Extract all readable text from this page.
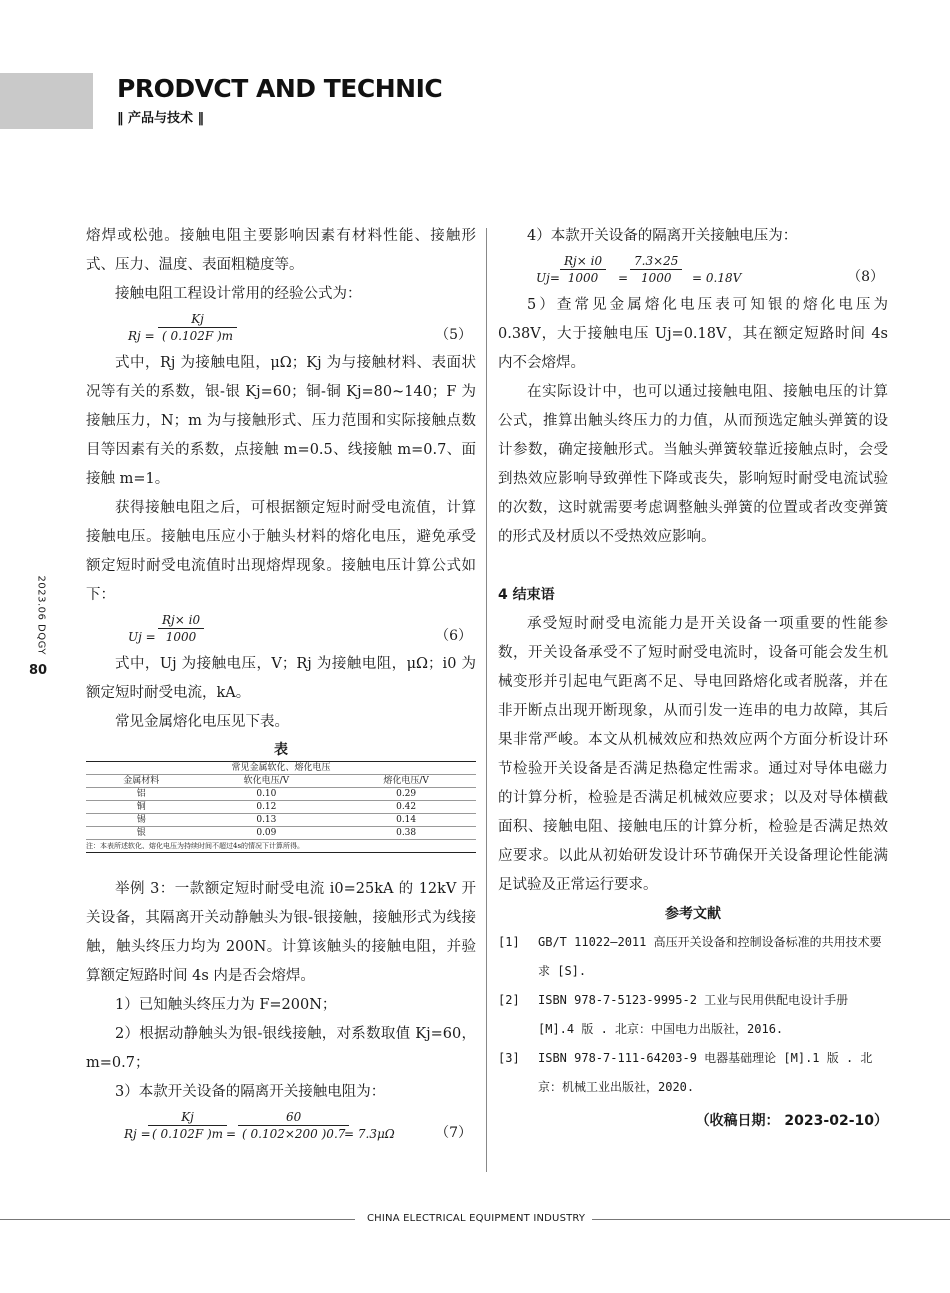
PRODVCT AND TECHNIC
‖ 产品与技术 ‖
2023.06 DQGY
80

熔焊或松弛。接触电阻主要影响因素有材料性能、接触形式、压力、温度、表面粗糙度等。

接触电阻工程设计常用的经验公式为：

$Rj = \frac{Kj}{( 0.102F )m}$	（5）

式中，Rj 为接触电阻，μΩ；Kj 为与接触材料、表面状况等有关的系数，银-银 Kj=60；铜-铜 Kj=80~140；F 为接触压力，N；m 为与接触形式、压力范围和实际接触点数目等因素有关的系数，点接触 m=0.5、线接触 m=0.7、面接触 m=1。

获得接触电阻之后，可根据额定短时耐受电流值，计算接触电压。接触电压应小于触头材料的熔化电压，避免承受额定短时耐受电流值时出现熔焊现象。接触电压计算公式如下：

$Uj = \frac{Rj\times i0}{1000}$	（6）

式中，Uj 为接触电压，V；Rj 为接触电阻，μΩ；i0 为额定短时耐受电流，kA。

常见金属熔化电压见下表。

表
常见金属软化、熔化电压		
金属材料	软化电压/V	熔化电压/V
铝	0.10	0.29
铜	0.12	0.42
锡	0.13	0.14
银	0.09	0.38
注：本表所述软化、熔化电压为持续时间不超过4s的情况下计算所得。		

举例 3：一款额定短时耐受电流 i0=25kA 的 12kV 开关设备，其隔离开关动静触头为银-银接触，接触形式为线接触，触头终压力均为 200N。计算该触头的接触电阻，并验算额定短路时间 4s 内是否会熔焊。

1）已知触头终压力为 F=200N；

2）根据动静触头为银-银线接触，对系数取值 Kj=60，m=0.7；

3）本款开关设备的隔离开关接触电阻为：

Rj =
$\frac{Kj}{( 0.102F )m}$
= $\frac{60}{( 0.102\times 200 )0.7}$
= 7.3μΩ	（7）

4）本款开关设备的隔离开关接触电压为：

$Uj= \frac{Rj\times i0}{1000} = \frac{7.3\times 25}{1000} = 0.18V$	（8）

5）查常见金属熔化电压表可知银的熔化电压为 0.38V，大于接触电压 Uj=0.18V，其在额定短路时间 4s 内不会熔焊。

在实际设计中，也可以通过接触电阻、接触电压的计算公式，推算出触头终压力的力值，从而预选定触头弹簧的设计参数，确定接触形式。当触头弹簧较靠近接触点时，会受到热效应影响导致弹性下降或丧失，影响短时耐受电流试验的次数，这时就需要考虑调整触头弹簧的位置或者改变弹簧的形式及材质以不受热效应影响。

4 结束语

承受短时耐受电流能力是开关设备一项重要的性能参数，开关设备承受不了短时耐受电流时，设备可能会发生机械变形并引起电气距离不足、导电回路熔化或者脱落，并在非开断点出现开断现象，从而引发一连串的电力故障，其后果非常严峻。本文从机械效应和热效应两个方面分析设计环节检验开关设备是否满足热稳定性需求。通过对导体电磁力的计算分析，检验是否满足机械效应要求；以及对导体横截面积、接触电阻、接触电压的计算分析，检验是否满足热效应要求。以此从初始研发设计环节确保开关设备理论性能满足试验及正常运行要求。

参考文献
[1] GB/T 11022—2011 高压开关设备和控制设备标准的共用技术要求 [S].
[2] ISBN 978-7-5123-9995-2 工业与民用供配电设计手册 [M].4 版 . 北京：中国电力出版社，2016.
[3] ISBN 978-7-111-64203-9 电器基础理论 [M].1 版 . 北京：机械工业出版社，2020.
（收稿日期： 2023-02-10）
CHINA ELECTRICAL EQUIPMENT INDUSTRY
